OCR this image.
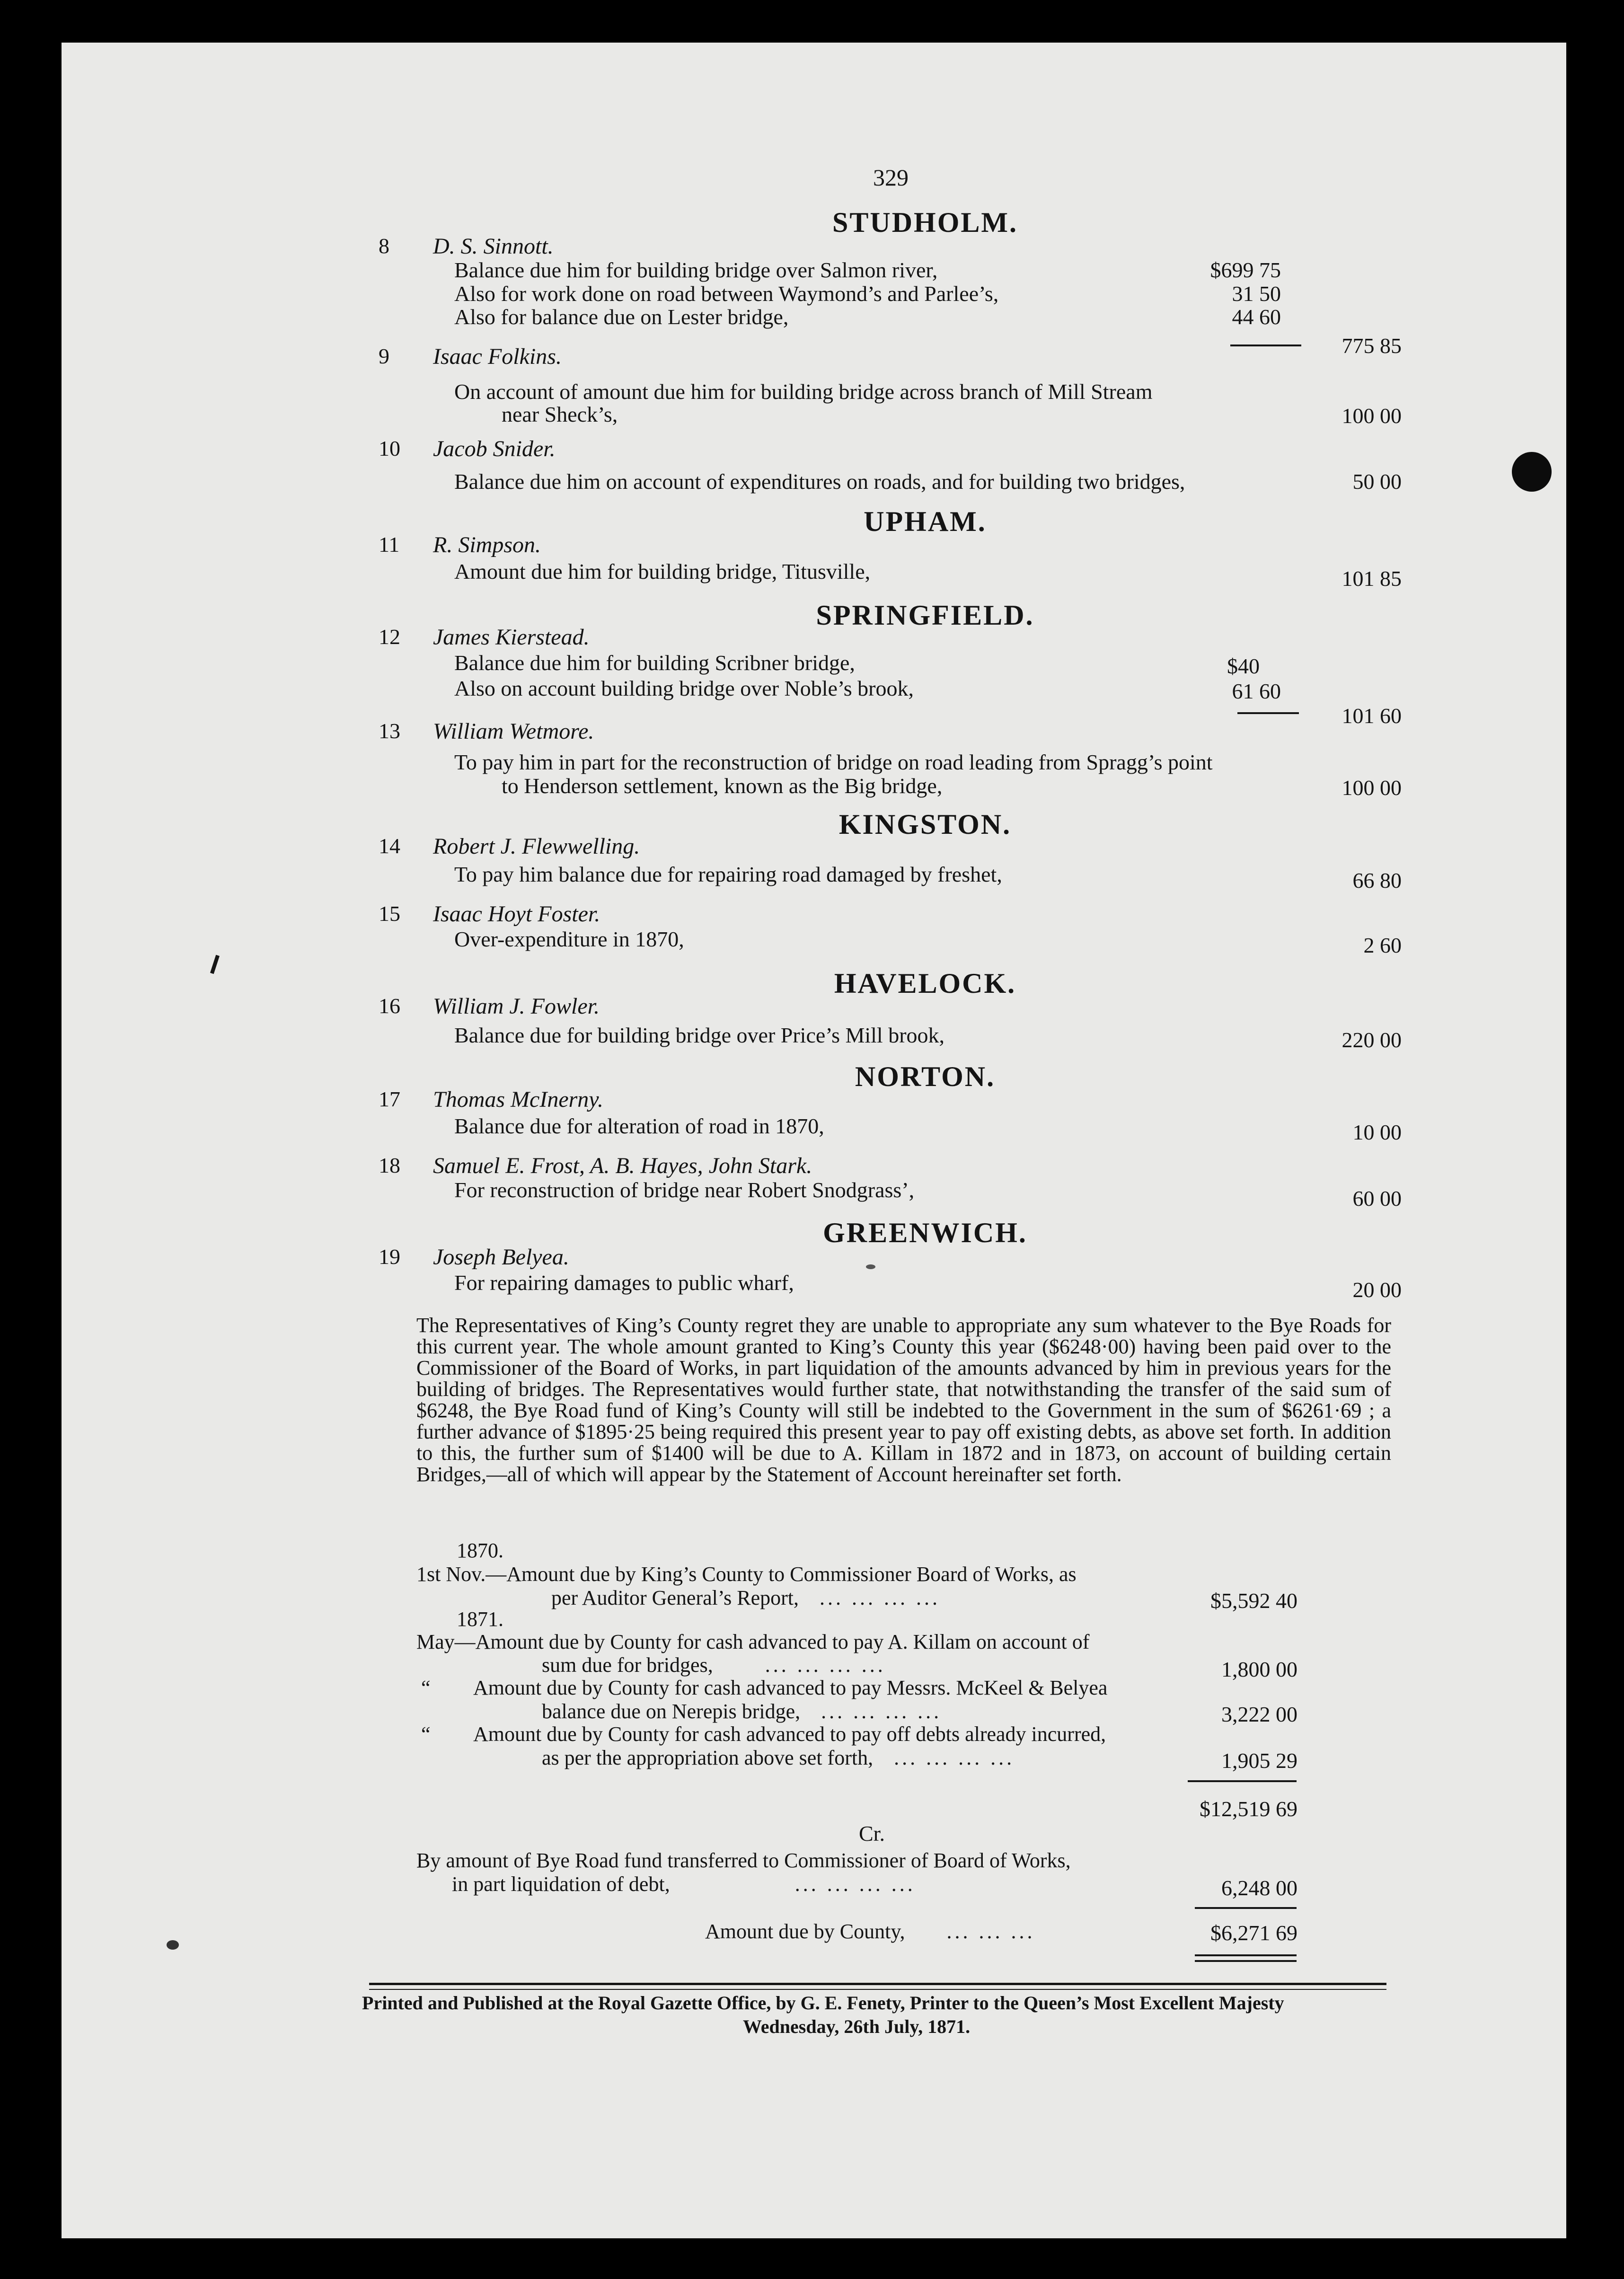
329
STUDHOLM.
8 D. S. Sinnott.
Balance due him for building bridge over Salmon river,	$699 75
Also for work done on road between Waymond’s and Parlee’s,	31 50
Also for balance due on Lester bridge,	44 60
775 85
9 Isaac Folkins.
On account of amount due him for building bridge across branch of Mill Stream
near Sheck’s,	100 00
10 Jacob Snider.
Balance due him on account of expenditures on roads, and for building two bridges,	50 00
UPHAM.
11 R. Simpson.
Amount due him for building bridge, Titusville,	101 85
SPRINGFIELD.
12 James Kierstead.
Balance due him for building Scribner bridge,	$40
Also on account building bridge over Noble’s brook,	61 60
101 60
13 William Wetmore.
To pay him in part for the reconstruction of bridge on road leading from Spragg’s point
to Henderson settlement, known as the Big bridge,	100 00
KINGSTON.
14 Robert J. Flewwelling.
To pay him balance due for repairing road damaged by freshet,	66 80
15 Isaac Hoyt Foster.
Over-expenditure in 1870,	2 60
HAVELOCK.
16 William J. Fowler.
Balance due for building bridge over Price’s Mill brook,	220 00
NORTON.
17 Thomas McInerny.
Balance due for alteration of road in 1870,	10 00
18 Samuel E. Frost, A. B. Hayes, John Stark.
For reconstruction of bridge near Robert Snodgrass’,	60 00
GREENWICH.
19 Joseph Belyea.
For repairing damages to public wharf,	20 00

The Representatives of King’s County regret they are unable to appropriate any sum whatever to the Bye Roads for this current year. The whole amount granted to King’s County this year ($6248·00) having been paid over to the Commissioner of the Board of Works, in part liquidation of the amounts advanced by him in previous years for the building of bridges. The Representatives would further state, that notwithstanding the transfer of the said sum of $6248, the Bye Road fund of King’s County will still be indebted to the Government in the sum of $6261·69 ; a further advance of $1895·25 being required this present year to pay off existing debts, as above set forth. In addition to this, the further sum of $1400 will be due to A. Killam in 1872 and in 1873, on account of building certain Bridges,—all of which will appear by the Statement of Account hereinafter set forth.

1870.
1st Nov.—Amount due by King’s County to Commissioner Board of Works, as
per Auditor General’s Report, ... ... ... ...	$5,592 40
1871.
May—Amount due by County for cash advanced to pay A. Killam on account of
sum due for bridges,	... ... ... ...	1,800 00
“ Amount due by County for cash advanced to pay Messrs. McKeel & Belyea
balance due on Nerepis bridge, ... ... ... ...	3,222 00
“ Amount due by County for cash advanced to pay off debts already incurred,
as per the appropriation above set forth, ... ... ... ...	1,905 29
$12,519 69
Cr.
By amount of Bye Road fund transferred to Commissioner of Board of Works,
in part liquidation of debt,	... ... ... ...	6,248 00
Amount due by County, ... ... ...	$6,271 69
Printed and Published at the Royal Gazette Office, by G. E. Fenety, Printer to the Queen’s Most Excellent Majesty
Wednesday, 26th July, 1871.
